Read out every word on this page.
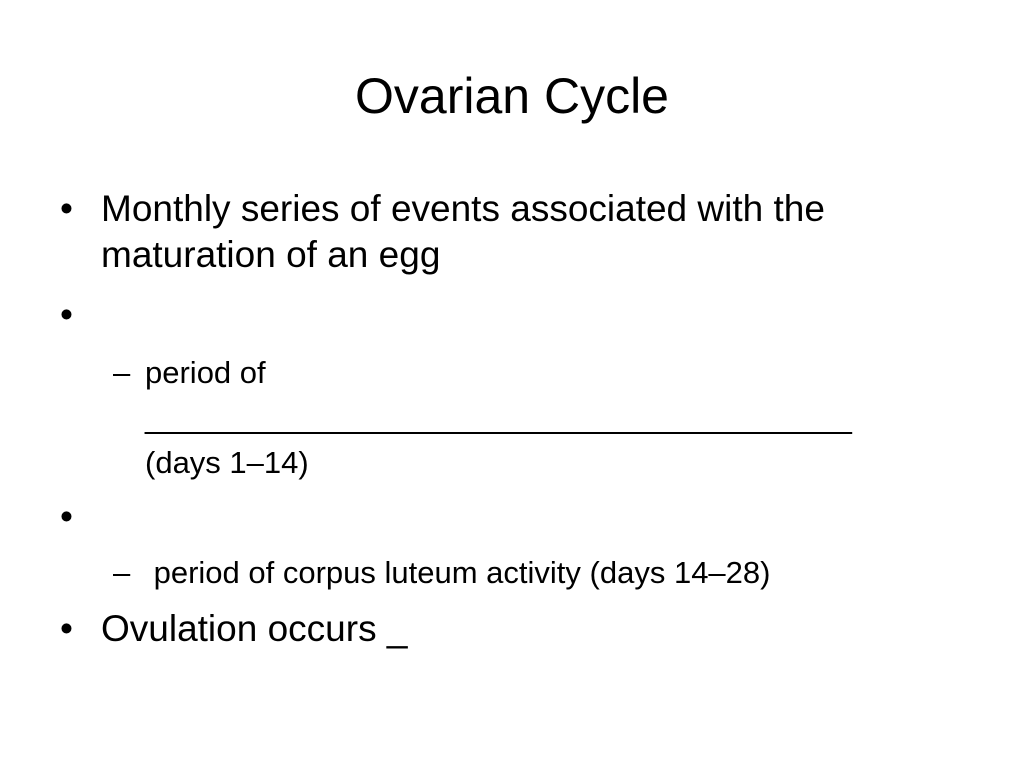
Ovarian Cycle
• Monthly series of events associated with the
maturation of an egg
•
– period of
_________________________________________
(days 1–14)
•
– period of corpus luteum activity (days 14–28)
• Ovulation occurs _
